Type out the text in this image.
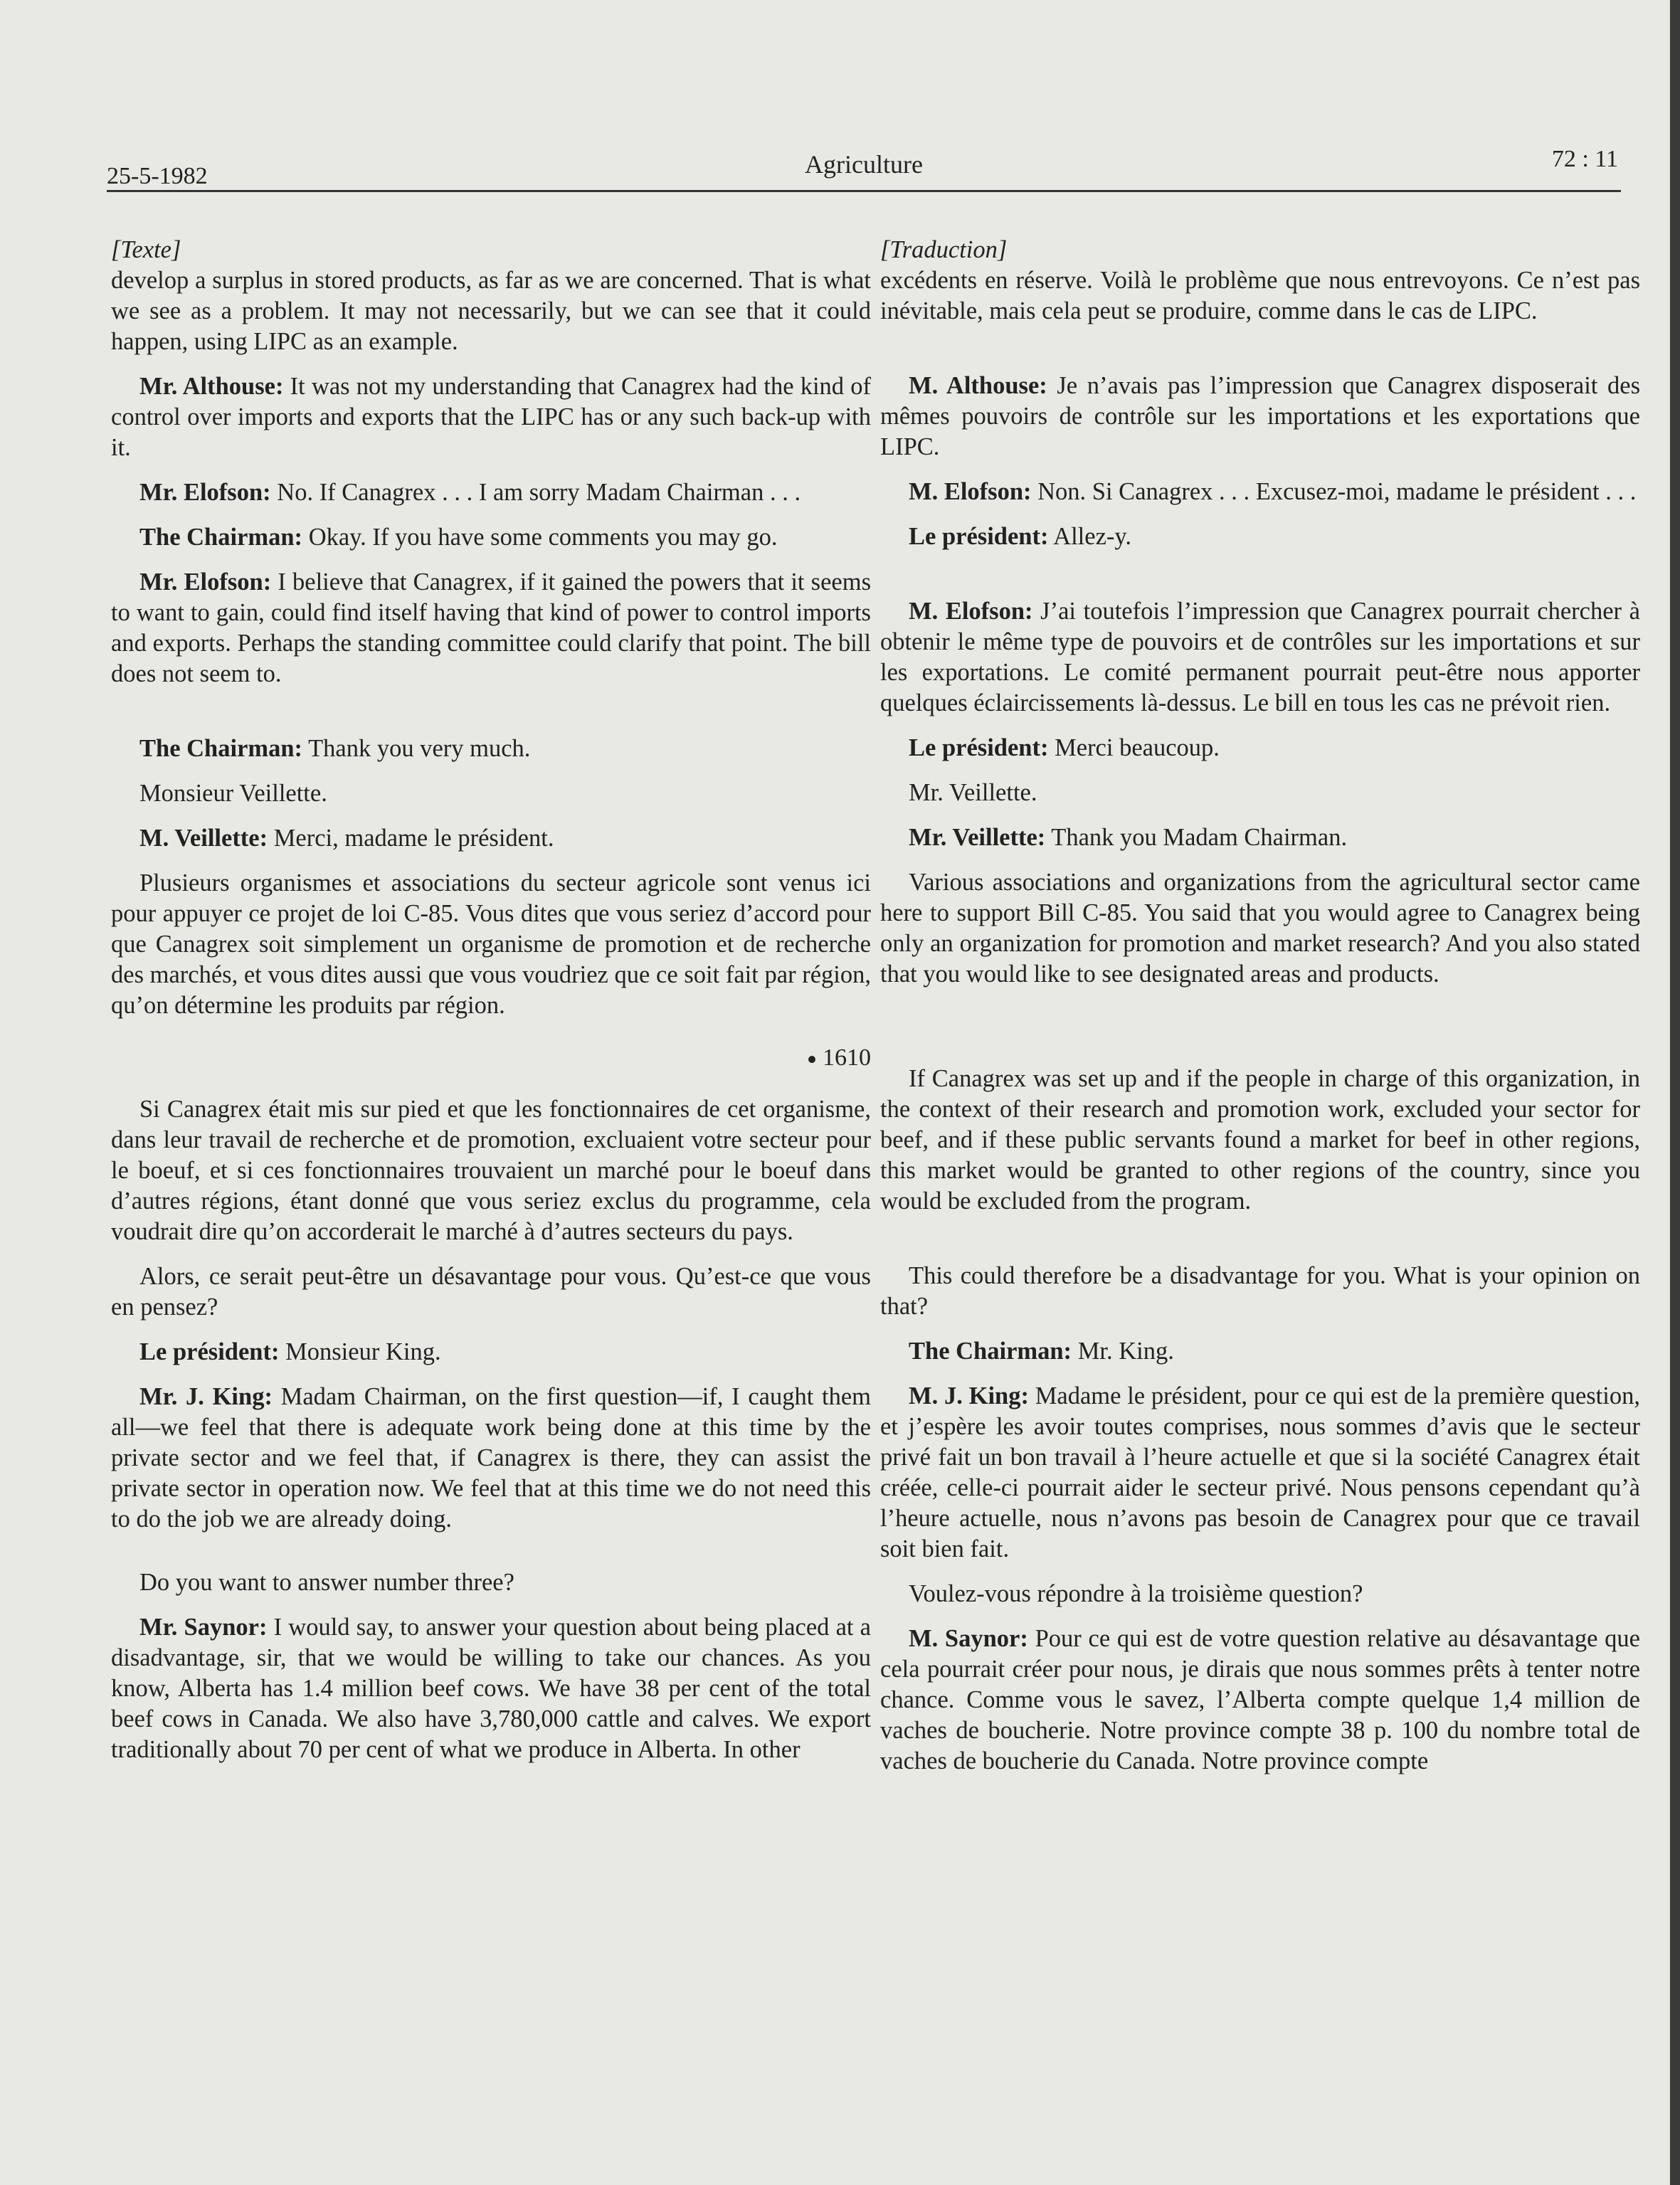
25-5-1982	Agriculture	72 : 11

[Texte]

develop a surplus in stored products, as far as we are concerned. That is what we see as a problem. It may not necessarily, but we can see that it could happen, using LIPC as an example.

Mr. Althouse: It was not my understanding that Canagrex had the kind of control over imports and exports that the LIPC has or any such back-up with it.

Mr. Elofson: No. If Canagrex . . . I am sorry Madam Chairman . . .

The Chairman: Okay. If you have some comments you may go.

Mr. Elofson: I believe that Canagrex, if it gained the powers that it seems to want to gain, could find itself having that kind of power to control imports and exports. Perhaps the standing committee could clarify that point. The bill does not seem to.

The Chairman: Thank you very much.

Monsieur Veillette.

M. Veillette: Merci, madame le président.

Plusieurs organismes et associations du secteur agricole sont venus ici pour appuyer ce projet de loi C-85. Vous dites que vous seriez d’accord pour que Canagrex soit simplement un organisme de promotion et de recherche des marchés, et vous dites aussi que vous voudriez que ce soit fait par région, qu’on détermine les produits par région.

1610

Si Canagrex était mis sur pied et que les fonctionnaires de cet organisme, dans leur travail de recherche et de promotion, excluaient votre secteur pour le boeuf, et si ces fonctionnaires trouvaient un marché pour le boeuf dans d’autres régions, étant donné que vous seriez exclus du programme, cela voudrait dire qu’on accorderait le marché à d’autres secteurs du pays.

Alors, ce serait peut-être un désavantage pour vous. Qu’est-ce que vous en pensez?

Le président: Monsieur King.

Mr. J. King: Madam Chairman, on the first question—if, I caught them all—we feel that there is adequate work being done at this time by the private sector and we feel that, if Canagrex is there, they can assist the private sector in operation now. We feel that at this time we do not need this to do the job we are already doing.

Do you want to answer number three?

Mr. Saynor: I would say, to answer your question about being placed at a disadvantage, sir, that we would be willing to take our chances. As you know, Alberta has 1.4 million beef cows. We have 38 per cent of the total beef cows in Canada. We also have 3,780,000 cattle and calves. We export traditionally about 70 per cent of what we produce in Alberta. In other

[Traduction]

excédents en réserve. Voilà le problème que nous entrevoyons. Ce n’est pas inévitable, mais cela peut se produire, comme dans le cas de LIPC.

M. Althouse: Je n’avais pas l’impression que Canagrex disposerait des mêmes pouvoirs de contrôle sur les importations et les exportations que LIPC.

M. Elofson: Non. Si Canagrex . . . Excusez-moi, madame le président . . .

Le président: Allez-y.

M. Elofson: J’ai toutefois l’impression que Canagrex pourrait chercher à obtenir le même type de pouvoirs et de contrôles sur les importations et sur les exportations. Le comité permanent pourrait peut-être nous apporter quelques éclaircissements là-dessus. Le bill en tous les cas ne prévoit rien.

Le président: Merci beaucoup.

Mr. Veillette.

Mr. Veillette: Thank you Madam Chairman.

Various associations and organizations from the agricultural sector came here to support Bill C-85. You said that you would agree to Canagrex being only an organization for promotion and market research? And you also stated that you would like to see designated areas and products.

If Canagrex was set up and if the people in charge of this organization, in the context of their research and promotion work, excluded your sector for beef, and if these public servants found a market for beef in other regions, this market would be granted to other regions of the country, since you would be excluded from the program.

This could therefore be a disadvantage for you. What is your opinion on that?

The Chairman: Mr. King.

M. J. King: Madame le président, pour ce qui est de la première question, et j’espère les avoir toutes comprises, nous sommes d’avis que le secteur privé fait un bon travail à l’heure actuelle et que si la société Canagrex était créée, celle-ci pourrait aider le secteur privé. Nous pensons cependant qu’à l’heure actuelle, nous n’avons pas besoin de Canagrex pour que ce travail soit bien fait.

Voulez-vous répondre à la troisième question?

M. Saynor: Pour ce qui est de votre question relative au désavantage que cela pourrait créer pour nous, je dirais que nous sommes prêts à tenter notre chance. Comme vous le savez, l’Alberta compte quelque 1,4 million de vaches de boucherie. Notre province compte 38 p. 100 du nombre total de vaches de boucherie du Canada. Notre province compte
